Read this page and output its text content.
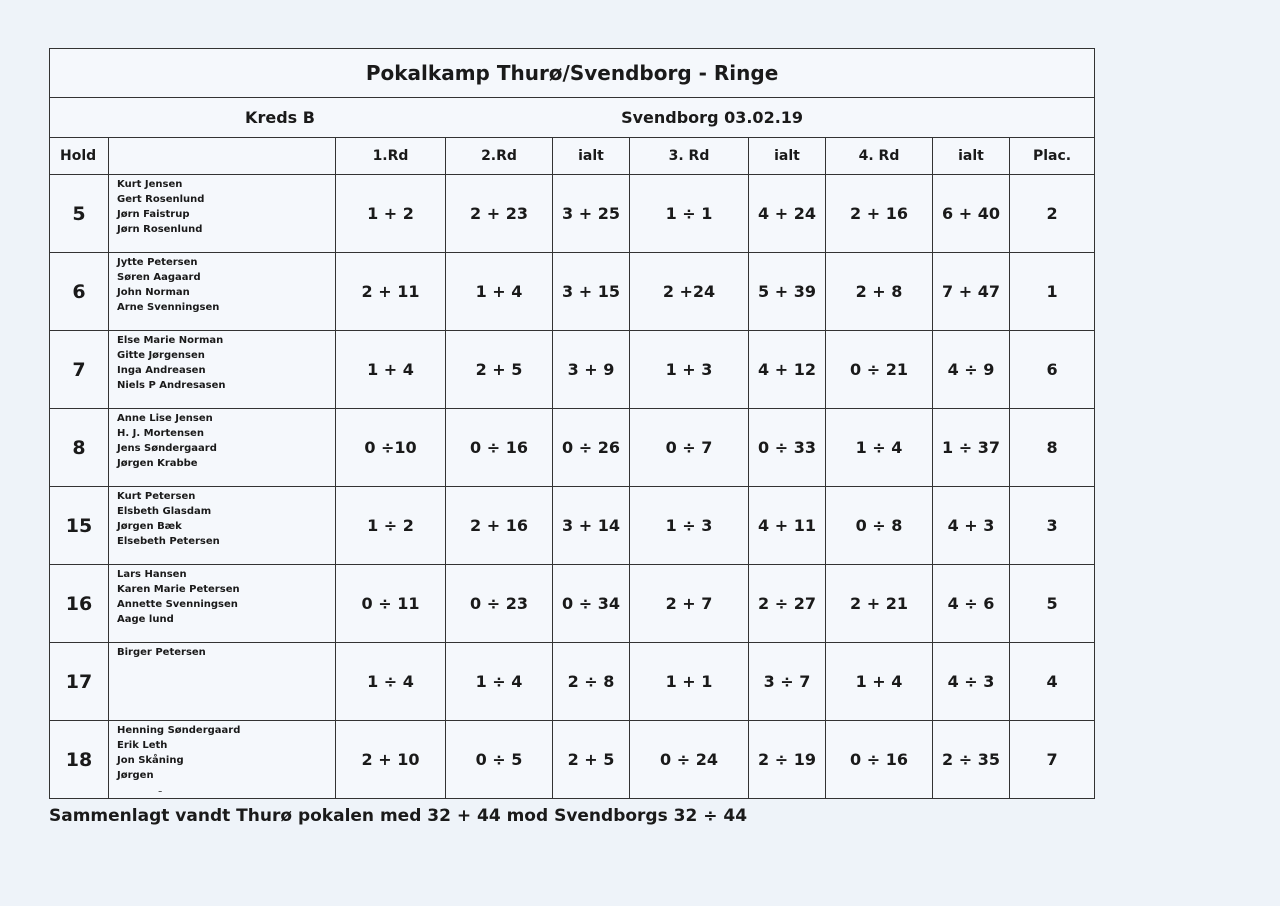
Pokalkamp Thurø/Svendborg - Ringe									

Kreds B Svendborg 03.02.19									

Hold		1.Rd	2.Rd	ialt	3. Rd	ialt	4. Rd	ialt	Plac.
5	Kurt Jensen
Gert Rosenlund
Jørn Faistrup
Jørn Rosenlund	1 + 2	2 + 23	3 + 25	1 ÷ 1	4 + 24	2 + 16	6 + 40	2
6	Jytte Petersen
Søren Aagaard
John Norman
Arne Svenningsen	2 + 11	1 + 4	3 + 15	2 +24	5 + 39	2 + 8	7 + 47	1
7	Else Marie Norman
Gitte Jørgensen
Inga Andreasen
Niels P Andresasen	1 + 4	2 + 5	3 + 9	1 + 3	4 + 12	0 ÷ 21	4 ÷ 9	6
8	Anne Lise Jensen
H. J. Mortensen
Jens Søndergaard
Jørgen Krabbe	0 ÷10	0 ÷ 16	0 ÷ 26	0 ÷ 7	0 ÷ 33	1 ÷ 4	1 ÷ 37	8
15	Kurt Petersen
Elsbeth Glasdam
Jørgen Bæk
Elsebeth Petersen	1 ÷ 2	2 + 16	3 + 14	1 ÷ 3	4 + 11	0 ÷ 8	4 + 3	3
16	Lars Hansen
Karen Marie Petersen
Annette Svenningsen
Aage lund	0 ÷ 11	0 ÷ 23	0 ÷ 34	2 + 7	2 ÷ 27	2 + 21	4 ÷ 6	5
17	Birger Petersen	1 ÷ 4	1 ÷ 4	2 ÷ 8	1 + 1	3 ÷ 7	1 + 4	4 ÷ 3	4
18	Henning Søndergaard
Erik Leth
Jon Skåning
Jørgen	2 + 10	0 ÷ 5	2 + 5	0 ÷ 24	2 ÷ 19	0 ÷ 16	2 ÷ 35	7
Sammenlagt vandt Thurø pokalen med 32 + 44 mod Svendborgs 32 ÷ 44
-
